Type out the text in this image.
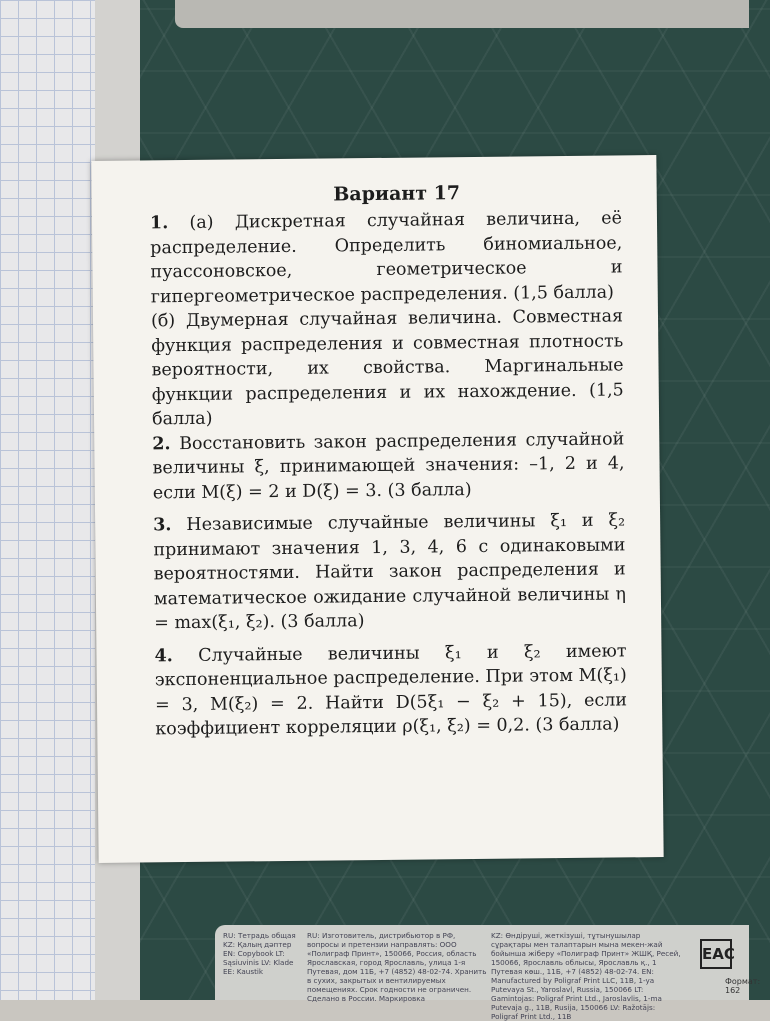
RU: Тетрадь общая KZ: Қалың дәптер EN: Copybook LT: Sąsiuvinis LV: Klade EE: Kaustik
RU: Изготовитель, дистрибьютор в РФ, вопросы и претензии направлять: ООО «Полиграф Принт», 150066, Россия, область Ярославская, город Ярославль, улица 1-я Путевая, дом 11Б, +7 (4852) 48-02-74. Хранить в сухих, закрытых и вентилируемых помещениях. Срок годности не ограничен. Сделано в России. Маркировка
KZ: Өндіруші, жеткізуші, тұтынушылар сұрақтары мен талаптарын мына мекен-жай бойынша жіберу «Полиграф Принт» ЖШҚ, Ресей, 150066, Ярославль облысы, Ярославль қ., 1 Путевая көш., 11Б, +7 (4852) 48-02-74. EN: Manufactured by Poligraf Print LLC, 11B, 1-ya Putevaya St., Yaroslavl, Russia, 150066 LT: Gamintojas: Poligraf Print Ltd., Jaroslavlis, 1-ma Putevaja g., 11B, Rusija, 150066 LV: Ražotājs: Poligraf Print Ltd., 11B
EAC
Формат: 162
Вариант 17

1. (а) Дискретная случайная величина, её распределение. Определить биномиальное, пуассоновское, геометрическое и гипергеометрическое распределения. (1,5 балла)

(б) Двумерная случайная величина. Совместная функция распределения и совместная плотность вероятности, их свойства. Маргинальные функции распределения и их нахождение. (1,5 балла)

2. Восстановить закон распределения случайной величины ξ, принимающей значения: –1, 2 и 4, если M(ξ) = 2 и D(ξ) = 3. (3 балла)

3. Независимые случайные величины ξ₁ и ξ₂ принимают значения 1, 3, 4, 6 с одинаковыми вероятностями. Найти закон распределения и математическое ожидание случайной величины η = max(ξ₁, ξ₂). (3 балла)

4. Случайные величины ξ₁ и ξ₂ имеют экспоненциальное распределение. При этом M(ξ₁) = 3, M(ξ₂) = 2. Найти D(5ξ₁ − ξ₂ + 15), если коэффициент корреляции ρ(ξ₁, ξ₂) = 0,2. (3 балла)
